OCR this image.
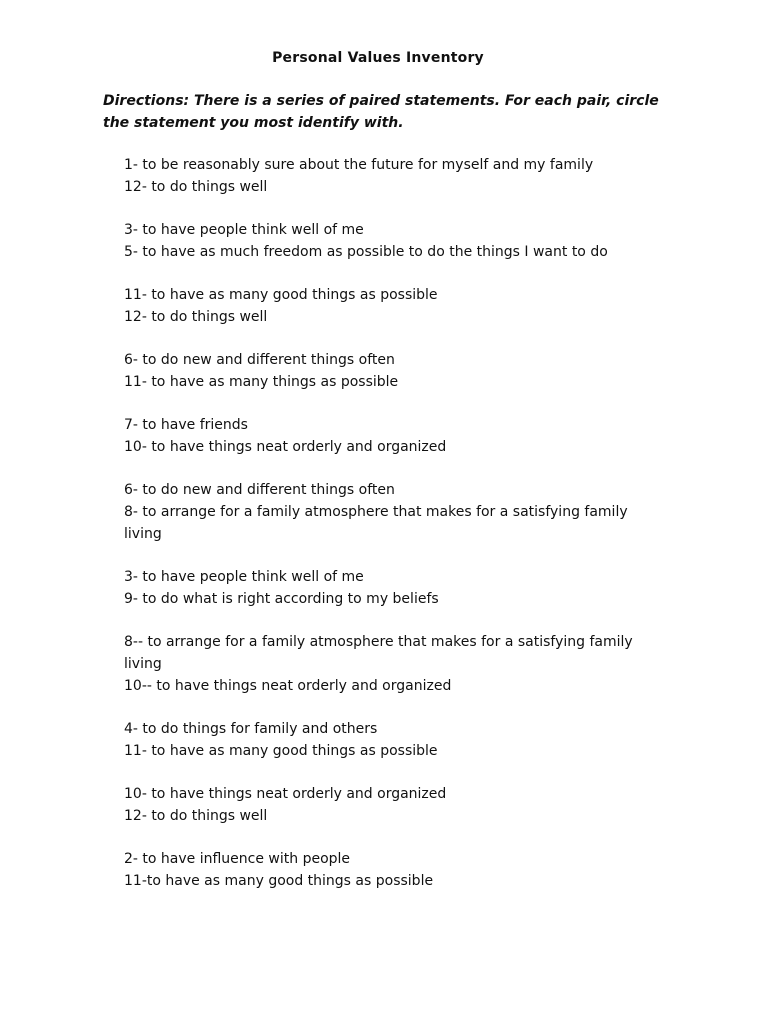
Personal Values Inventory
Directions: There is a series of paired statements. For each pair, circle the statement you most identify with.

1- to be reasonably sure about the future for myself and my family

12- to do things well

3- to have people think well of me

5- to have as much freedom as possible to do the things I want to do

11- to have as many good things as possible

12- to do things well

6- to do new and different things often

11- to have as many things as possible

7- to have friends

10- to have things neat orderly and organized

6- to do new and different things often

8- to arrange for a family atmosphere that makes for a satisfying family living

3- to have people think well of me

9- to do what is right according to my beliefs

8-- to arrange for a family atmosphere that makes for a satisfying family living

10-- to have things neat orderly and organized

4- to do things for family and others

11- to have as many good things as possible

10- to have things neat orderly and organized

12- to do things well

2- to have influence with people

11-to have as many good things as possible
